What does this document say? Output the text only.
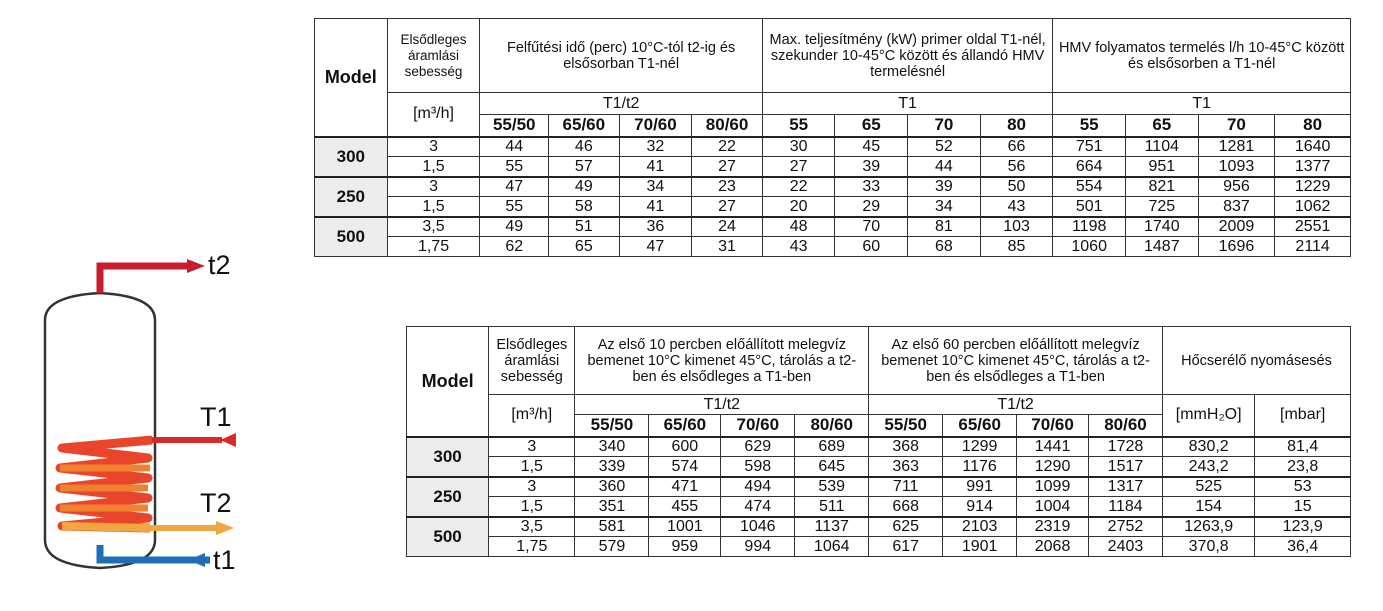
t2
T1
T2
t1
Model	Elsődleges áramlási sebesség	Felfűtési idő (perc) 10°C-tól t2-ig és elsősorban T1-nél				Max. teljesítmény (kW) primer oldal T1-nél, szekunder 10-45°C között és állandó HMV termelésnél				HMV folyamatos termelés l/h 10-45°C között és elsősorben a T1-nél			
	[m³/h]	T1/t2				T1				T1			
		55/50	65/60	70/60	80/60	55	65	70	80	55	65	70	80
300	3	44	46	32	22	30	45	52	66	751	1104	1281	1640
	1,5	55	57	41	27	27	39	44	56	664	951	1093	1377
250	3	47	49	34	23	22	33	39	50	554	821	956	1229
	1,5	55	58	41	27	20	29	34	43	501	725	837	1062
500	3,5	49	51	36	24	48	70	81	103	1198	1740	2009	2551
	1,75	62	65	47	31	43	60	68	85	1060	1487	1696	2114
Model	Elsődleges áramlási sebesség	Az első 10 percben előállított melegvíz bemenet 10°C kimenet 45°C, tárolás a t2-ben és elsődleges a T1-ben				Az első 60 percben előállított melegvíz bemenet 10°C kimenet 45°C, tárolás a t2-ben és elsődleges a T1-ben				Hőcserélő nyomásesés	
	[m³/h]	T1/t2				T1/t2				[mmH₂O]	[mbar]
		55/50	65/60	70/60	80/60	55/50	65/60	70/60	80/60		
300	3	340	600	629	689	368	1299	1441	1728	830,2	81,4
	1,5	339	574	598	645	363	1176	1290	1517	243,2	23,8
250	3	360	471	494	539	711	991	1099	1317	525	53
	1,5	351	455	474	511	668	914	1004	1184	154	15
500	3,5	581	1001	1046	1137	625	2103	2319	2752	1263,9	123,9
	1,75	579	959	994	1064	617	1901	2068	2403	370,8	36,4
